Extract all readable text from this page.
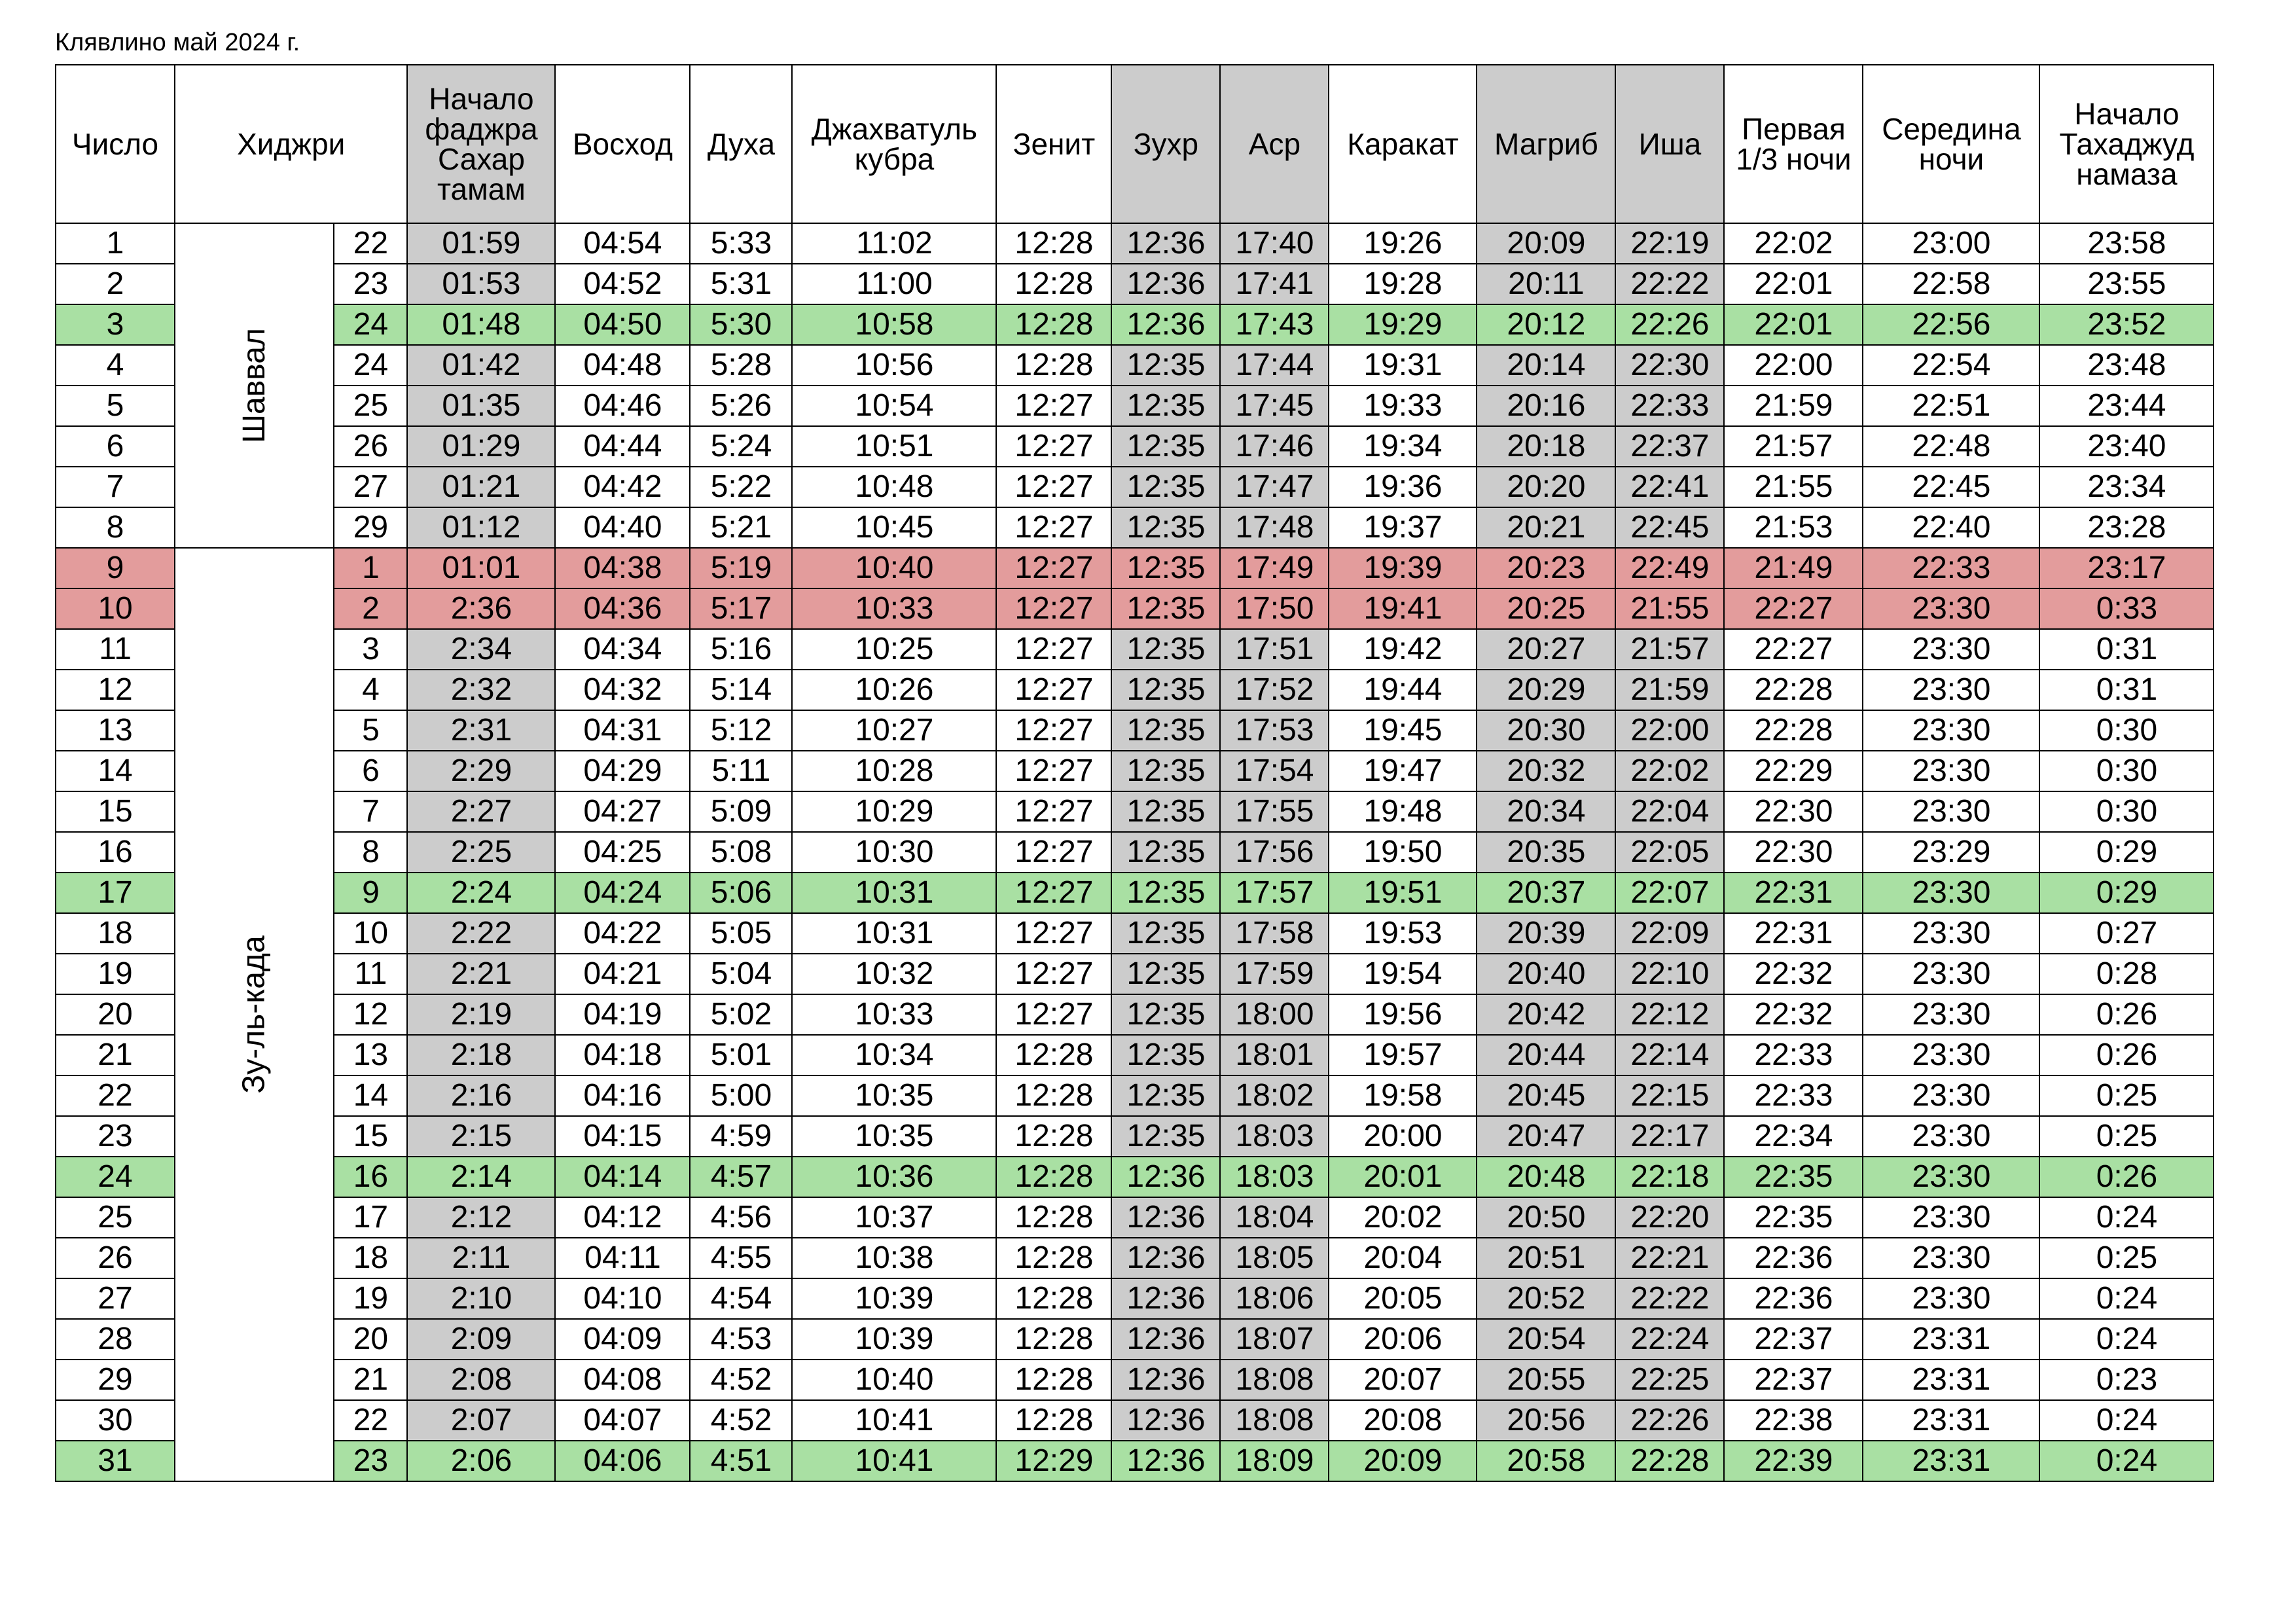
Клявлино май 2024 г.
Число	Хиджри		Начало фаджра Сахар тамам	Восход	Духа	Джахватуль кубра	Зенит	Зухр	Аср	Каракат	Магриб	Иша	Первая 1/3 ночи	Середина ночи	Начало Тахаджуд намаза
1	Шаввал	22	01:59	04:54	5:33	11:02	12:28	12:36	17:40	19:26	20:09	22:19	22:02	23:00	23:58
2		23	01:53	04:52	5:31	11:00	12:28	12:36	17:41	19:28	20:11	22:22	22:01	22:58	23:55
3		24	01:48	04:50	5:30	10:58	12:28	12:36	17:43	19:29	20:12	22:26	22:01	22:56	23:52
4		24	01:42	04:48	5:28	10:56	12:28	12:35	17:44	19:31	20:14	22:30	22:00	22:54	23:48
5		25	01:35	04:46	5:26	10:54	12:27	12:35	17:45	19:33	20:16	22:33	21:59	22:51	23:44
6		26	01:29	04:44	5:24	10:51	12:27	12:35	17:46	19:34	20:18	22:37	21:57	22:48	23:40
7		27	01:21	04:42	5:22	10:48	12:27	12:35	17:47	19:36	20:20	22:41	21:55	22:45	23:34
8		29	01:12	04:40	5:21	10:45	12:27	12:35	17:48	19:37	20:21	22:45	21:53	22:40	23:28
9	Зу-ль-када	1	01:01	04:38	5:19	10:40	12:27	12:35	17:49	19:39	20:23	22:49	21:49	22:33	23:17
10		2	2:36	04:36	5:17	10:33	12:27	12:35	17:50	19:41	20:25	21:55	22:27	23:30	0:33
11		3	2:34	04:34	5:16	10:25	12:27	12:35	17:51	19:42	20:27	21:57	22:27	23:30	0:31
12		4	2:32	04:32	5:14	10:26	12:27	12:35	17:52	19:44	20:29	21:59	22:28	23:30	0:31
13		5	2:31	04:31	5:12	10:27	12:27	12:35	17:53	19:45	20:30	22:00	22:28	23:30	0:30
14		6	2:29	04:29	5:11	10:28	12:27	12:35	17:54	19:47	20:32	22:02	22:29	23:30	0:30
15		7	2:27	04:27	5:09	10:29	12:27	12:35	17:55	19:48	20:34	22:04	22:30	23:30	0:30
16		8	2:25	04:25	5:08	10:30	12:27	12:35	17:56	19:50	20:35	22:05	22:30	23:29	0:29
17		9	2:24	04:24	5:06	10:31	12:27	12:35	17:57	19:51	20:37	22:07	22:31	23:30	0:29
18		10	2:22	04:22	5:05	10:31	12:27	12:35	17:58	19:53	20:39	22:09	22:31	23:30	0:27
19		11	2:21	04:21	5:04	10:32	12:27	12:35	17:59	19:54	20:40	22:10	22:32	23:30	0:28
20		12	2:19	04:19	5:02	10:33	12:27	12:35	18:00	19:56	20:42	22:12	22:32	23:30	0:26
21		13	2:18	04:18	5:01	10:34	12:28	12:35	18:01	19:57	20:44	22:14	22:33	23:30	0:26
22		14	2:16	04:16	5:00	10:35	12:28	12:35	18:02	19:58	20:45	22:15	22:33	23:30	0:25
23		15	2:15	04:15	4:59	10:35	12:28	12:35	18:03	20:00	20:47	22:17	22:34	23:30	0:25
24		16	2:14	04:14	4:57	10:36	12:28	12:36	18:03	20:01	20:48	22:18	22:35	23:30	0:26
25		17	2:12	04:12	4:56	10:37	12:28	12:36	18:04	20:02	20:50	22:20	22:35	23:30	0:24
26		18	2:11	04:11	4:55	10:38	12:28	12:36	18:05	20:04	20:51	22:21	22:36	23:30	0:25
27		19	2:10	04:10	4:54	10:39	12:28	12:36	18:06	20:05	20:52	22:22	22:36	23:30	0:24
28		20	2:09	04:09	4:53	10:39	12:28	12:36	18:07	20:06	20:54	22:24	22:37	23:31	0:24
29		21	2:08	04:08	4:52	10:40	12:28	12:36	18:08	20:07	20:55	22:25	22:37	23:31	0:23
30		22	2:07	04:07	4:52	10:41	12:28	12:36	18:08	20:08	20:56	22:26	22:38	23:31	0:24
31		23	2:06	04:06	4:51	10:41	12:29	12:36	18:09	20:09	20:58	22:28	22:39	23:31	0:24
